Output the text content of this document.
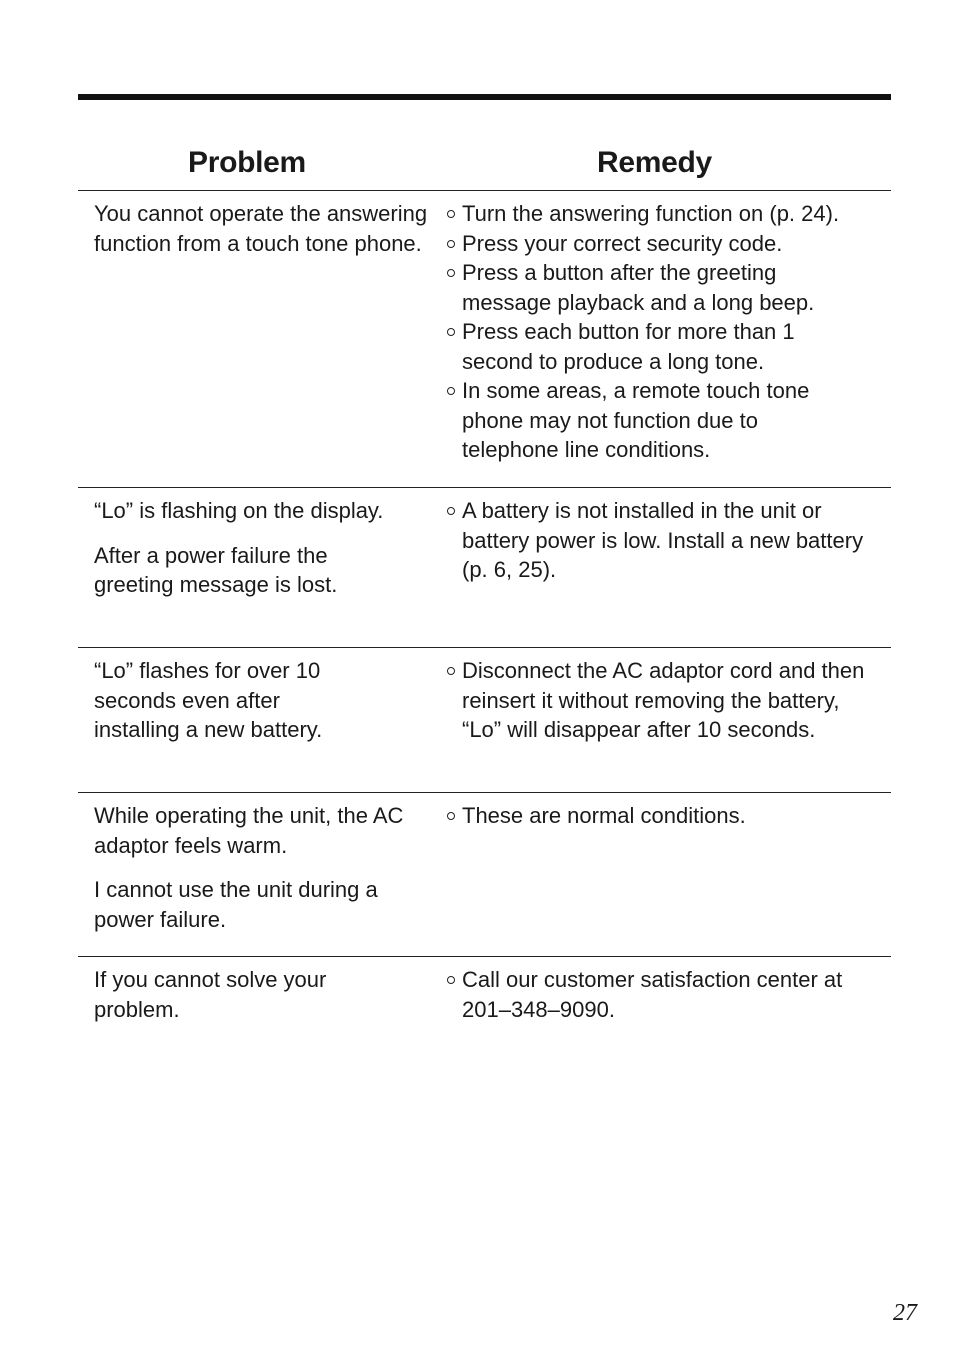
Problem	Remedy

You cannot operate the answering function from a touch tone phone.

Turn the answering function on (p. 24).
Press your correct security code.
Press a button after the greeting message playback and a long beep.
Press each button for more than 1 second to produce a long tone.
In some areas, a remote touch tone phone may not function due to telephone line conditions.

“Lo” is flashing on the display.

After a power failure the greeting message is lost.

A battery is not installed in the unit or battery power is low. Install a new battery (p. 6, 25).

“Lo” flashes for over 10 seconds even after installing a new battery.

Disconnect the AC adaptor cord and then reinsert it without removing the battery, “Lo” will disappear after 10 seconds.

While operating the unit, the AC adaptor feels warm.

I cannot use the unit during a power failure.

These are normal conditions.

If you cannot solve your problem.

Call our customer satisfaction center at 201–348–9090.
27
